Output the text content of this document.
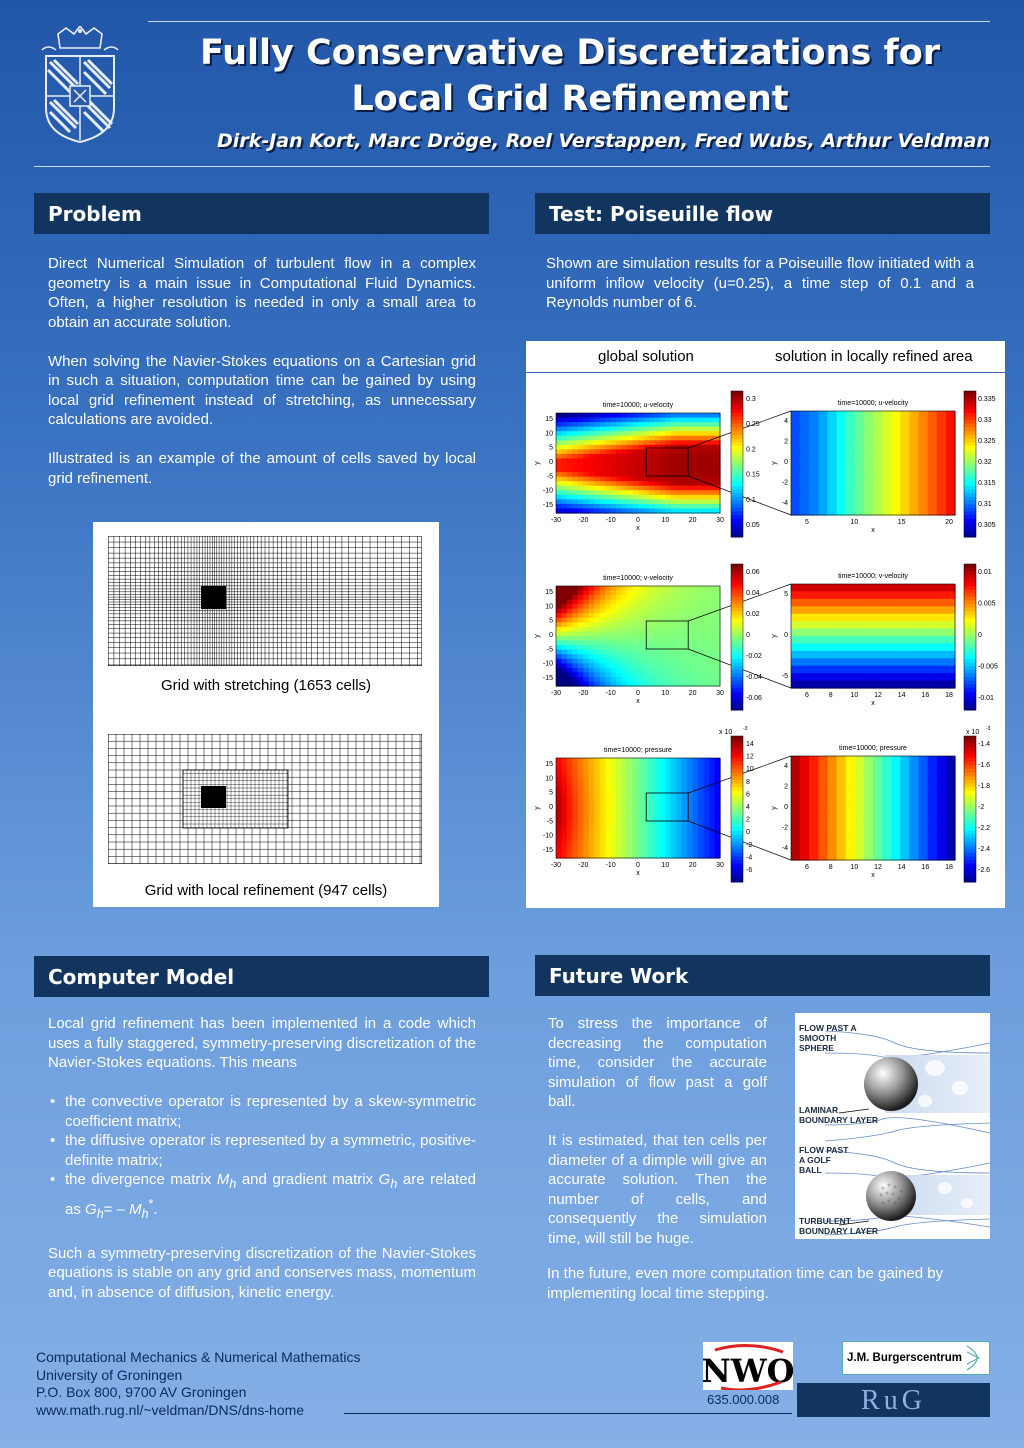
Fully Conservative Discretizations for
Local Grid Refinement
Dirk-Jan Kort, Marc Dröge, Roel Verstappen, Fred Wubs, Arthur Veldman
Problem

Direct Numerical Simulation of turbulent flow in a complex geometry is a main issue in Computational Fluid Dynamics. Often, a higher resolution is needed in only a small area to obtain an accurate solution.

When solving the Navier-Stokes equations on a Cartesian grid in such a situation, computation time can be gained by using local grid refinement instead of stretching, as unnecessary calculations are avoided.

Illustrated is an example of the amount of cells saved by local grid refinement.

Grid with stretching (1653 cells)
Grid with local refinement (947 cells)
Test: Poiseuille flow
Shown are simulation results for a Poiseuille flow initiated with a uniform inflow velocity (u=0.25), a time step of 0.1 and a Reynolds number of 6.
global solution	solution in locally refined area
time=10000; u-velocity
-30 -20 -10	0	10	20	30
x
15
10
5
0
-5
-10
-15
y
0.3
0.25
0.2
0.15
0.1
0.05
time=10000; u-velocity
5	10	15	20
x
4
2
0
-2
-4
y
0.335
0.33
0.325
0.32
0.315
0.31
0.305
time=10000; v-velocity
-30 -20 -10	0	10	20	30
x
15
10
5
0
-5
-10
-15
y
0.06
0.04
0.02
0
-0.02
-0.04
-0.06
time=10000; v-velocity
6	8	10 12 14 16 18
x
5
0
-5
y
0.01
0.005
0
-0.005
-0.01
time=10000; pressure
-30 -20 -10	0	10	20	30
x
15
10
5
0
-5
-10
-15
y
14
12
10
8
6
4
2
0
-2
-4
-6
x 10 -3
time=10000; pressure
6	8	10 12 14 16 18
x
4
2
0
-2
-4
y
-1.4
-1.6
-1.8
-2
-2.2
-2.4
-2.6
x 10 -3
Computer Model

Local grid refinement has been implemented in a code which uses a fully staggered, symmetry-preserving discretization of the Navier-Stokes equations. This means

• the convective operator is represented by a skew-symmetric coefficient matrix;
• the diffusive operator is represented by a symmetric, positive-definite matrix;
• the divergence matrix $M_h$ and gradient matrix $G_h$ are related as $G_h= - M_h^*$.

Such a symmetry-preserving discretization of the Navier-Stokes equations is stable on any grid and conserves mass, momentum and, in absence of diffusion, kinetic energy.

Future Work

To stress the importance of decreasing the computation time, consider the accurate simulation of flow past a golf ball.

It is estimated, that ten cells per diameter of a dimple will give an accurate solution. Then the number of cells, and consequently the simulation time, will still be huge.

In the future, even more computation time can be gained by implementing local time stepping.
FLOW PAST A SMOOTH SPHERE
LAMINAR BOUNDARY LAYER
FLOW PAST A GOLF BALL
TURBULENT BOUNDARY LAYER
Computational Mechanics & Numerical Mathematics
University of Groningen
P.O. Box 800, 9700 AV Groningen
www.math.rug.nl/~veldman/DNS/dns-home
NWO
635.000.008
J.M. Burgerscentrum
RuG
